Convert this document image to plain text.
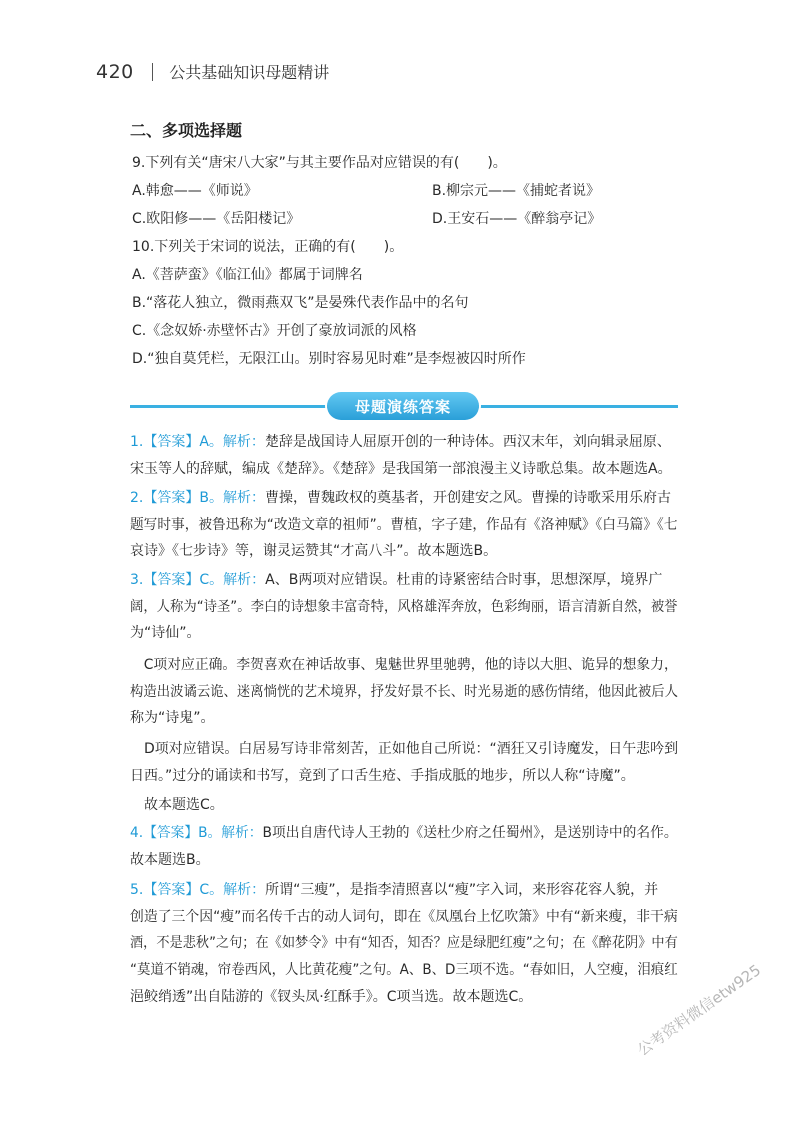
420 公共基础知识母题精讲
二、多项选择题
9.下列有关“唐宋八大家”与其主要作品对应错误的有(　　)。
A.韩愈——《师说》	B.柳宗元——《捕蛇者说》
C.欧阳修——《岳阳楼记》	D.王安石——《醉翁亭记》
10.下列关于宋词的说法，正确的有(　　)。
A.《菩萨蛮》《临江仙》都属于词牌名
B.“落花人独立，微雨燕双飞”是晏殊代表作品中的名句
C.《念奴娇·赤壁怀古》开创了豪放词派的风格
D.“独自莫凭栏，无限江山。别时容易见时难”是李煜被囚时所作
母题演练答案
1.【答案】A。解析：楚辞是战国诗人屈原开创的一种诗体。西汉末年，刘向辑录屈原、
宋玉等人的辞赋，编成《楚辞》。《楚辞》是我国第一部浪漫主义诗歌总集。故本题选A。
2.【答案】B。解析：曹操，曹魏政权的奠基者，开创建安之风。曹操的诗歌采用乐府古
题写时事，被鲁迅称为“改造文章的祖师”。曹植，字子建，作品有《洛神赋》《白马篇》《七
哀诗》《七步诗》等，谢灵运赞其“才高八斗”。故本题选B。
3.【答案】C。解析：A、B两项对应错误。杜甫的诗紧密结合时事，思想深厚，境界广
阔，人称为“诗圣”。李白的诗想象丰富奇特，风格雄浑奔放，色彩绚丽，语言清新自然，被誉
为“诗仙”。
C项对应正确。李贺喜欢在神话故事、鬼魅世界里驰骋，他的诗以大胆、诡异的想象力，
构造出波谲云诡、迷离惝恍的艺术境界，抒发好景不长、时光易逝的感伤情绪，他因此被后人
称为“诗鬼”。
D项对应错误。白居易写诗非常刻苦，正如他自己所说：“酒狂又引诗魔发，日午悲吟到
日西。”过分的诵读和书写，竟到了口舌生疮、手指成胝的地步，所以人称“诗魔”。
故本题选C。
4.【答案】B。解析：B项出自唐代诗人王勃的《送杜少府之任蜀州》，是送别诗中的名作。
故本题选B。
5.【答案】C。解析：所谓“三瘦”，是指李清照喜以“瘦”字入词，来形容花容人貌，并
创造了三个因“瘦”而名传千古的动人词句，即在《凤凰台上忆吹箫》中有“新来瘦，非干病
酒，不是悲秋”之句；在《如梦令》中有“知否，知否？应是绿肥红瘦”之句；在《醉花阴》中有
“莫道不销魂，帘卷西风，人比黄花瘦”之句。A、B、D三项不选。“春如旧，人空瘦，泪痕红
浥鲛绡透”出自陆游的《钗头凤·红酥手》。C项当选。故本题选C。	公考资料微信etw925
